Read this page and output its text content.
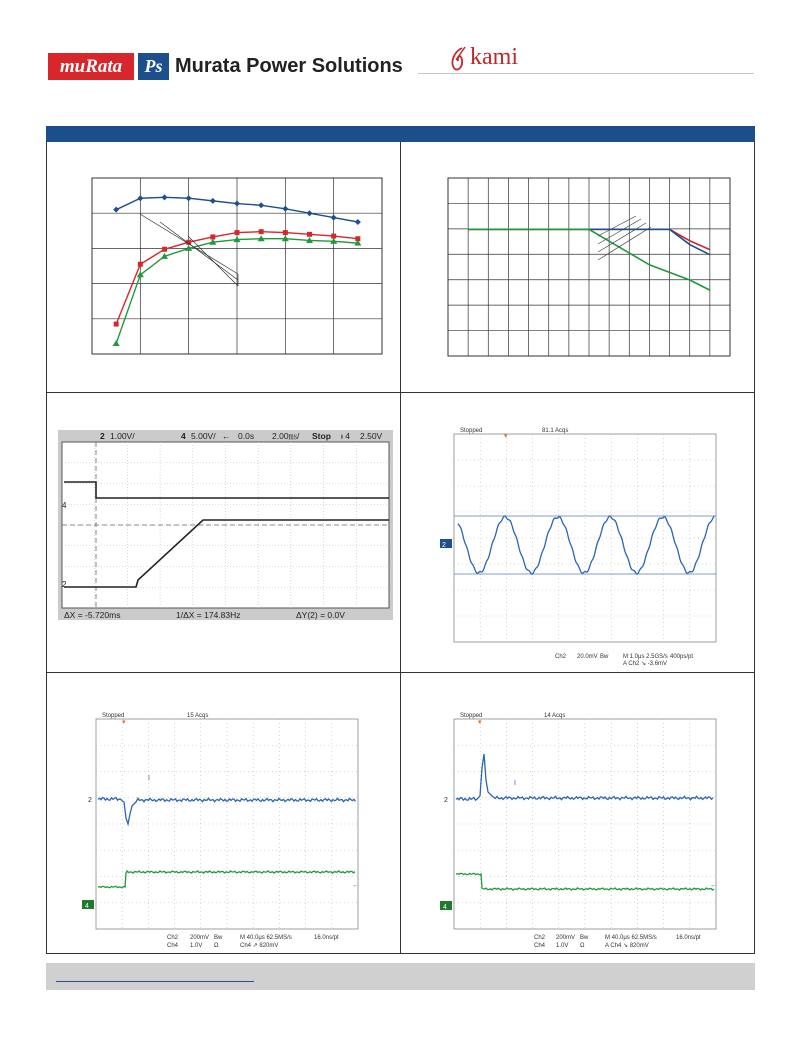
muRata	Ps Murata Power Solutions	kami
4
2
2 1.00V/	4 5.00V/ ← 0.0s 2.00㎳/ Stop ᵼ 4 2.50V
ΔX = -5.720ms	1/ΔX = 174.83Hz	ΔY(2) = 0.0V
2
Stopped	81.1 Acqs
▾
Ch2 20.0mV Bw M 1.0μs 2.5GS/s 400ps/pt
A Ch2 ↘ -3.6mV
2
4
←
I
Stopped	15 Acqs
▾
Ch2 200mV Bw
Ch4 1.0V Ω
M 40.0μs 62.5MS/s	16.0ns/pt
Ch4 ↗ 820mV
2
4
←
I
Stopped	14 Acqs
▾
Ch2 200mV Bw
Ch4 1.0V Ω
M 40.0μs 62.5MS/s	16.0ns/pt
A Ch4 ↘ 820mV
